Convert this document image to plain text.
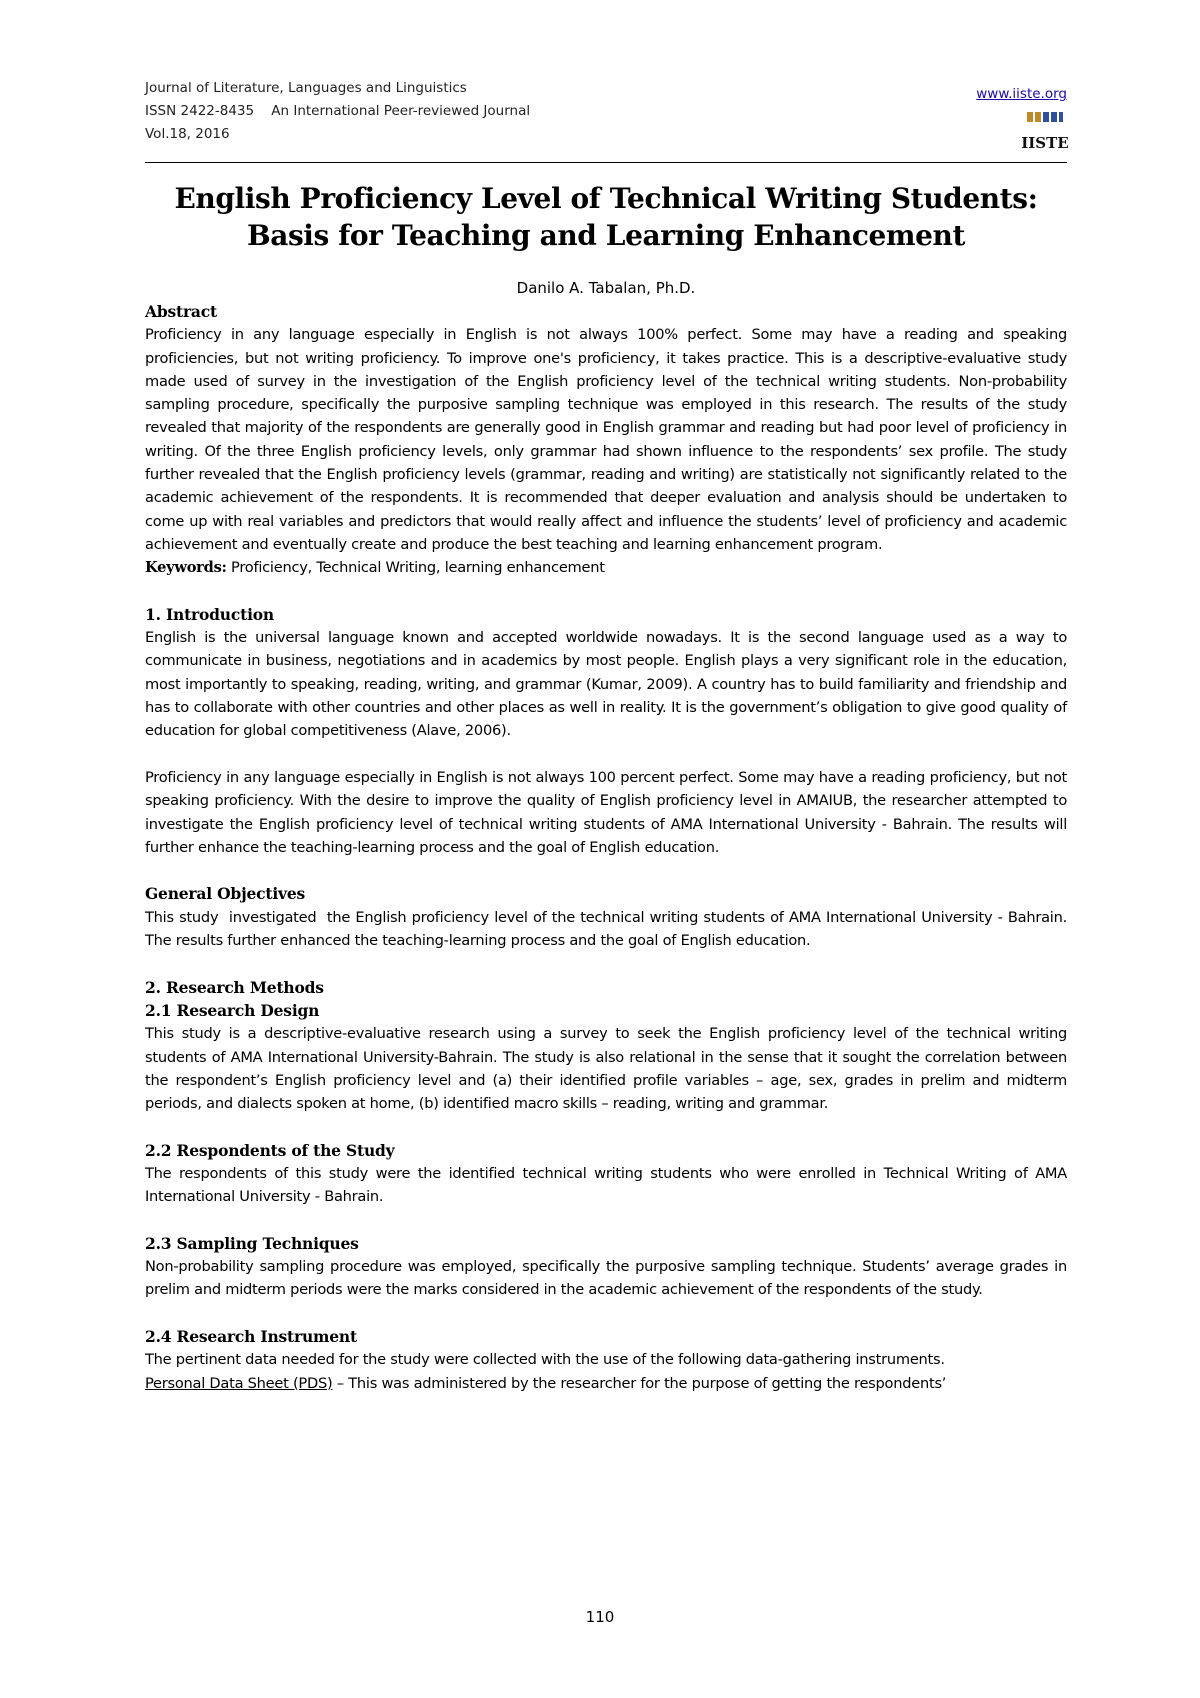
Journal of Literature, Languages and Linguistics
ISSN 2422-8435    An International Peer-reviewed Journal
Vol.18, 2016
www.iiste.org
IISTE
English Proficiency Level of Technical Writing Students: Basis for Teaching and Learning Enhancement
Danilo A. Tabalan, Ph.D.
Abstract

Proficiency in any language especially in English is not always 100% perfect. Some may have a reading and speaking proficiencies, but not writing proficiency. To improve one's proficiency, it takes practice. This is a descriptive-evaluative study made used of survey in the investigation of the English proficiency level of the technical writing students. Non-probability sampling procedure, specifically the purposive sampling technique was employed in this research. The results of the study revealed that majority of the respondents are generally good in English grammar and reading but had poor level of proficiency in writing. Of the three English proficiency levels, only grammar had shown influence to the respondents’ sex profile. The study further revealed that the English proficiency levels (grammar, reading and writing) are statistically not significantly related to the academic achievement of the respondents. It is recommended that deeper evaluation and analysis should be undertaken to come up with real variables and predictors that would really affect and influence the students’ level of proficiency and academic achievement and eventually create and produce the best teaching and learning enhancement program.

Keywords: Proficiency, Technical Writing, learning enhancement

1. Introduction

English is the universal language known and accepted worldwide nowadays. It is the second language used as a way to communicate in business, negotiations and in academics by most people. English plays a very significant role in the education, most importantly to speaking, reading, writing, and grammar (Kumar, 2009). A country has to build familiarity and friendship and has to collaborate with other countries and other places as well in reality. It is the government’s obligation to give good quality of education for global competitiveness (Alave, 2006).

Proficiency in any language especially in English is not always 100 percent perfect. Some may have a reading proficiency, but not speaking proficiency. With the desire to improve the quality of English proficiency level in AMAIUB, the researcher attempted to investigate the English proficiency level of technical writing students of AMA International University - Bahrain. The results will further enhance the teaching-learning process and the goal of English education.

General Objectives

This study  investigated  the English proficiency level of the technical writing students of AMA International University - Bahrain. The results further enhanced the teaching-learning process and the goal of English education.

2. Research Methods
2.1 Research Design

This study is a descriptive-evaluative research using a survey to seek the English proficiency level of the technical writing students of AMA International University-Bahrain. The study is also relational in the sense that it sought the correlation between the respondent’s English proficiency level and (a) their identified profile variables – age, sex, grades in prelim and midterm periods, and dialects spoken at home, (b) identified macro skills – reading, writing and grammar.

2.2 Respondents of the Study

The respondents of this study were the identified technical writing students who were enrolled in Technical Writing of AMA International University - Bahrain.

2.3 Sampling Techniques

Non-probability sampling procedure was employed, specifically the purposive sampling technique. Students’ average grades in prelim and midterm periods were the marks considered in the academic achievement of the respondents of the study.

2.4 Research Instrument

The pertinent data needed for the study were collected with the use of the following data-gathering instruments.

Personal Data Sheet (PDS) – This was administered by the researcher for the purpose of getting the respondents’

110
